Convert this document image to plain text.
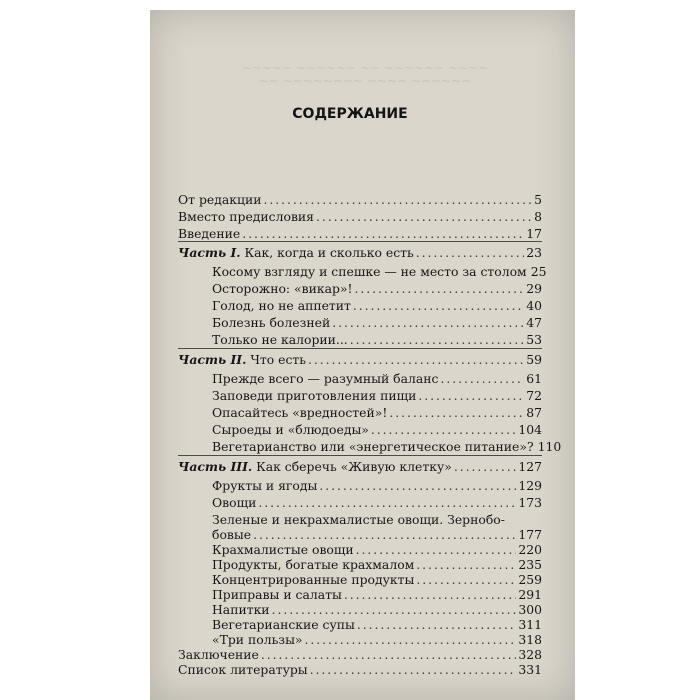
~~~~~ ~~~~~~ ~~ ~~~~~~ ~~~~
~~ ~~~~~~~~ ~~~~ ~~~~~~
СОДЕРЖАНИЕ
От редакции . . .	5
Вместо предисловия . . .	8
Введение . . .	17
Часть I. Как, когда и сколько есть . . .	23
Косому взгляду и спешке — не место за столом 25
Осторожно: «викар»! . . .	29
Голод, но не аппетит . . .	40
Болезнь болезней . . .	47
Только не калории... . . .	53
Часть II. Что есть . . .	59
Прежде всего — разумный баланс . . .	61
Заповеди приготовления пищи . . .	72
Опасайтесь «вредностей»! . . .	87
Сыроеды и «блюдоеды» . . .	104
Вегетарианство или «энергетическое питание»? 110
Часть III. Как сберечь «Живую клетку» . . .	127
Фрукты и ягоды . . .	129
Овощи . . .	173
Зеленые и некрахмалистые овощи. Зернобо-
бовые . . .	177
Крахмалистые овощи . . .	220
Продукты, богатые крахмалом . . .	235
Концентрированные продукты . . .	259
Приправы и салаты . . .	291
Напитки . . .	300
Вегетарианские супы . . .	311
«Три пользы» . . .	318
Заключение . . .	328
Список литературы . . .	331
